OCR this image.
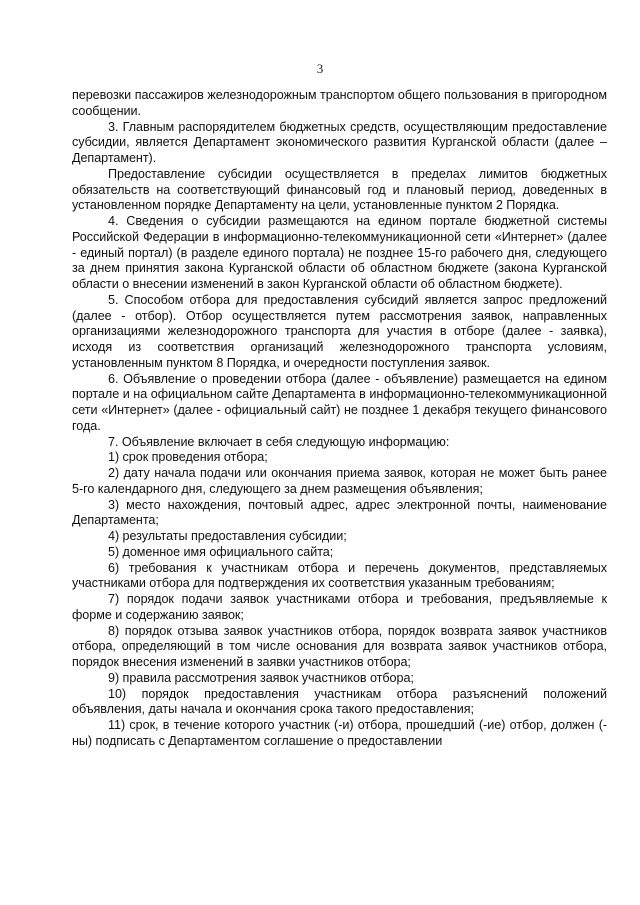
3

перевозки пассажиров железнодорожным транспортом общего пользования в пригородном сообщении.

3. Главным распорядителем бюджетных средств, осуществляющим предоставление субсидии, является Департамент экономического развития Курганской области (далее – Департамент).

Предоставление субсидии осуществляется в пределах лимитов бюджетных обязательств на соответствующий финансовый год и плановый период, доведенных в установленном порядке Департаменту на цели, установленные пунктом 2 Порядка.

4. Сведения о субсидии размещаются на едином портале бюджетной системы Российской Федерации в информационно-телекоммуникационной сети «Интернет» (далее - единый портал) (в разделе единого портала) не позднее 15-го рабочего дня, следующего за днем принятия закона Курганской области об областном бюджете (закона Курганской области о внесении изменений в закон Курганской области об областном бюджете).

5. Способом отбора для предоставления субсидий является запрос предложений (далее - отбор). Отбор осуществляется путем рассмотрения заявок, направленных организациями железнодорожного транспорта для участия в отборе (далее - заявка), исходя из соответствия организаций железнодорожного транспорта условиям, установленным пунктом 8 Порядка, и очередности поступления заявок.

6. Объявление о проведении отбора (далее - объявление) размещается на едином портале и на официальном сайте Департамента в информационно-телекоммуникационной сети «Интернет» (далее - официальный сайт) не позднее 1 декабря текущего финансового года.

7. Объявление включает в себя следующую информацию:

1) срок проведения отбора;

2) дату начала подачи или окончания приема заявок, которая не может быть ранее 5-го календарного дня, следующего за днем размещения объявления;

3) место нахождения, почтовый адрес, адрес электронной почты, наименование Департамента;

4) результаты предоставления субсидии;

5) доменное имя официального сайта;

6) требования к участникам отбора и перечень документов, представляемых участниками отбора для подтверждения их соответствия указанным требованиям;

7) порядок подачи заявок участниками отбора и требования, предъявляемые к форме и содержанию заявок;

8) порядок отзыва заявок участников отбора, порядок возврата заявок участников отбора, определяющий в том числе основания для возврата заявок участников отбора, порядок внесения изменений в заявки участников отбора;

9) правила рассмотрения заявок участников отбора;

10) порядок предоставления участникам отбора разъяснений положений объявления, даты начала и окончания срока такого предоставления;

11) срок, в течение которого участник (-и) отбора, прошедший (-ие) отбор, должен (-ны) подписать с Департаментом соглашение о предоставлении
